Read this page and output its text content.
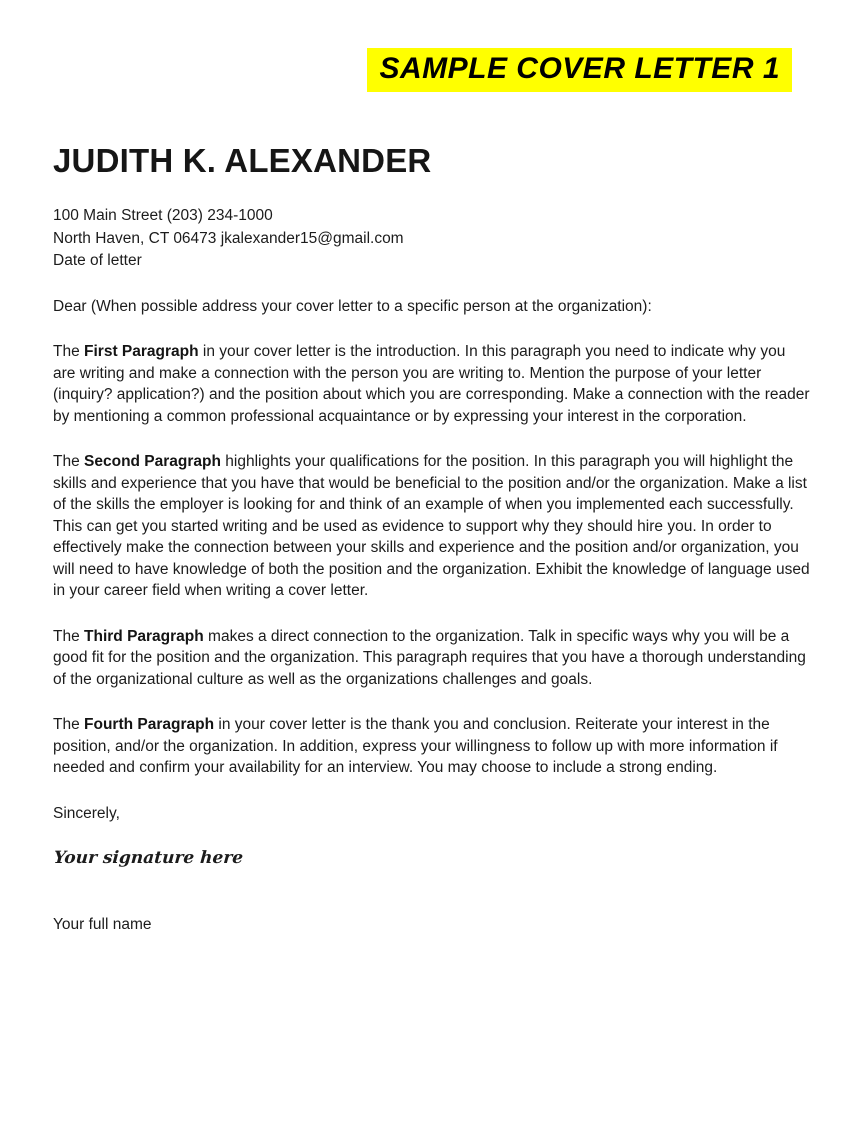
SAMPLE COVER LETTER 1
JUDITH K. ALEXANDER
100 Main Street (203) 234-1000
North Haven, CT 06473 jkalexander15@gmail.com

Date of letter

Dear (When possible address your cover letter to a specific person at the organization):

The First Paragraph in your cover letter is the introduction. In this paragraph you need to indicate why you are writing and make a connection with the person you are writing to. Mention the purpose of your letter (inquiry? application?) and the position about which you are corresponding. Make a connection with the reader by mentioning a common professional acquaintance or by expressing your interest in the corporation.

The Second Paragraph highlights your qualifications for the position. In this paragraph you will highlight the skills and experience that you have that would be beneficial to the position and/or the organization. Make a list of the skills the employer is looking for and think of an example of when you implemented each successfully. This can get you started writing and be used as evidence to support why they should hire you. In order to effectively make the connection between your skills and experience and the position and/or organization, you will need to have knowledge of both the position and the organization. Exhibit the knowledge of language used in your career field when writing a cover letter.

The Third Paragraph makes a direct connection to the organization. Talk in specific ways why you will be a good fit for the position and the organization. This paragraph requires that you have a thorough understanding of the organizational culture as well as the organizations challenges and goals.

The Fourth Paragraph in your cover letter is the thank you and conclusion. Reiterate your interest in the position, and/or the organization. In addition, express your willingness to follow up with more information if needed and confirm your availability for an interview. You may choose to include a strong ending.

Sincerely,

Your signature here
Your full name
